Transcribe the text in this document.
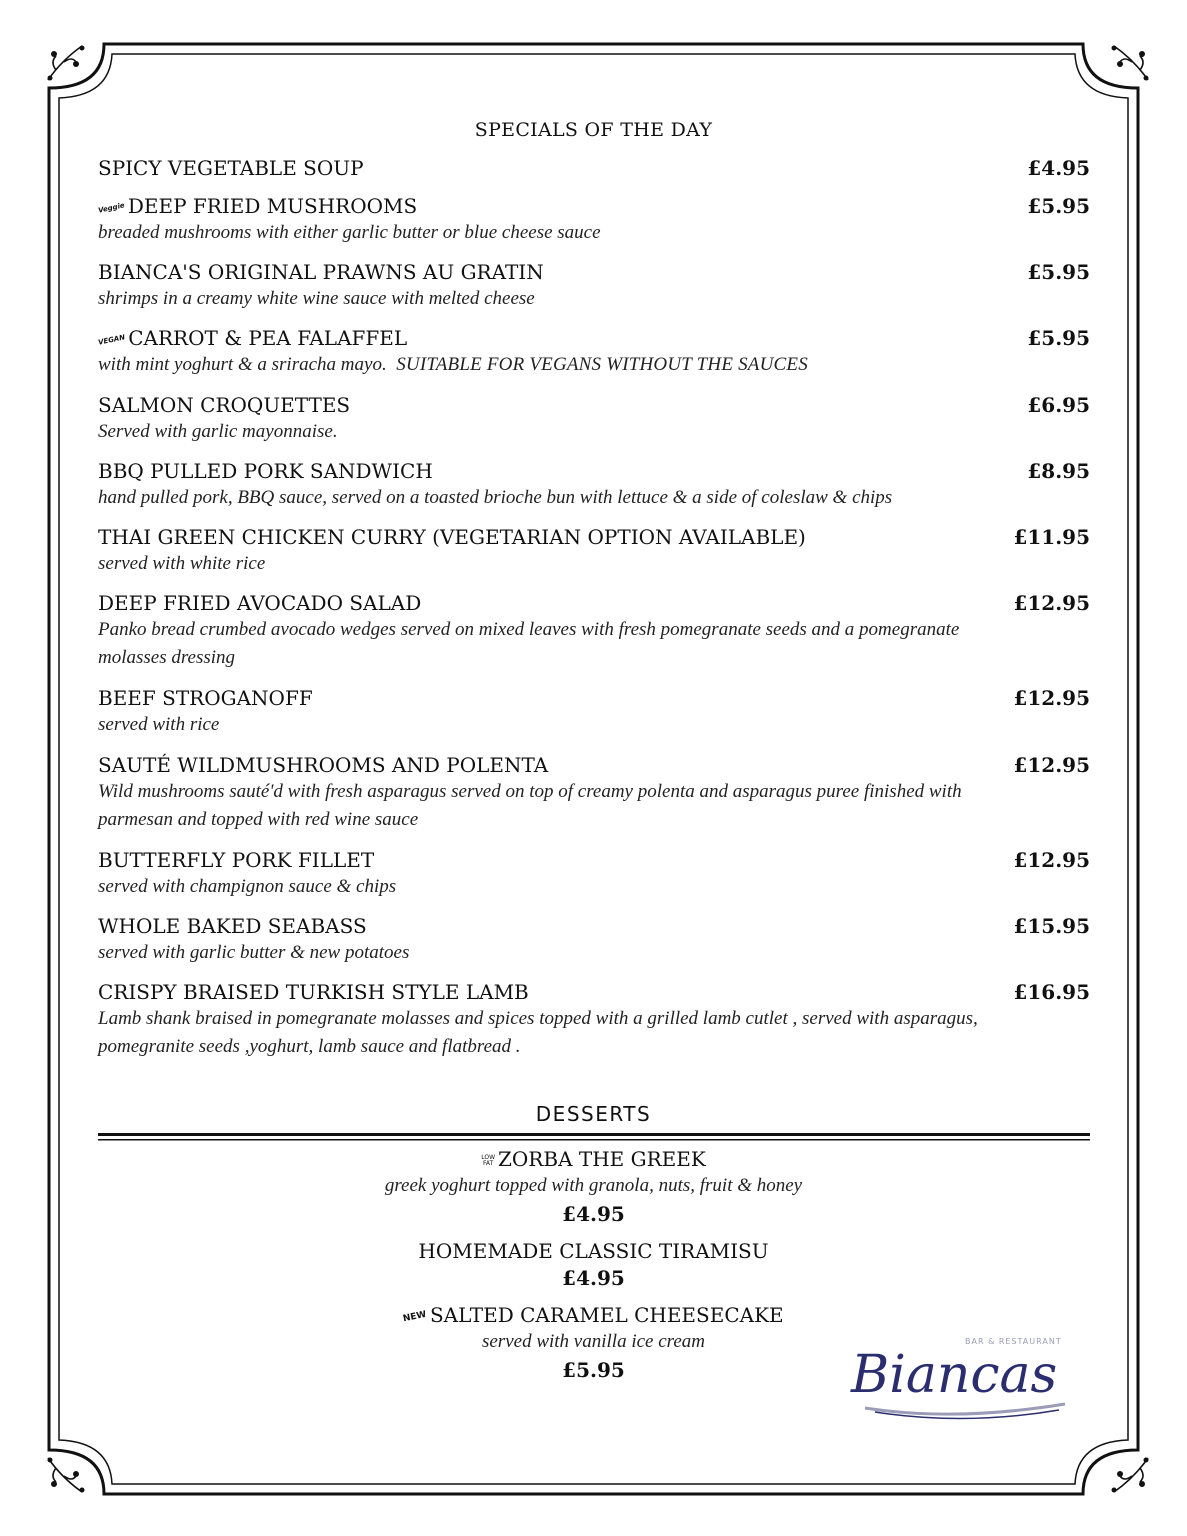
SPECIALS OF THE DAY
SPICY VEGETABLE SOUP	£4.95
Veggie DEEP FRIED MUSHROOMS	£5.95
breaded mushrooms with either garlic butter or blue cheese sauce
BIANCA'S ORIGINAL PRAWNS AU GRATIN	£5.95
shrimps in a creamy white wine sauce with melted cheese
VEGAN CARROT & PEA FALAFFEL	£5.95
with mint yoghurt & a sriracha mayo. SUITABLE FOR VEGANS WITHOUT THE SAUCES
SALMON CROQUETTES	£6.95
Served with garlic mayonnaise.
BBQ PULLED PORK SANDWICH	£8.95
hand pulled pork, BBQ sauce, served on a toasted brioche bun with lettuce & a side of coleslaw & chips
THAI GREEN CHICKEN CURRY (VEGETARIAN OPTION AVAILABLE)	£11.95
served with white rice
DEEP FRIED AVOCADO SALAD	£12.95
Panko bread crumbed avocado wedges served on mixed leaves with fresh pomegranate seeds and a pomegranate molasses dressing
BEEF STROGANOFF	£12.95
served with rice
SAUTÉ WILDMUSHROOMS AND POLENTA	£12.95
Wild mushrooms sauté'd with fresh asparagus served on top of creamy polenta and asparagus puree finished with parmesan and topped with red wine sauce
BUTTERFLY PORK FILLET	£12.95
served with champignon sauce & chips
WHOLE BAKED SEABASS	£15.95
served with garlic butter & new potatoes
CRISPY BRAISED TURKISH STYLE LAMB	£16.95
Lamb shank braised in pomegranate molasses and spices topped with a grilled lamb cutlet , served with asparagus, pomegranite seeds ,yoghurt, lamb sauce and flatbread .
DESSERTS
LOW
FAT ZORBA THE GREEK
greek yoghurt topped with granola, nuts, fruit & honey
£4.95
HOMEMADE CLASSIC TIRAMISU
£4.95
NEW SALTED CARAMEL CHEESECAKE
served with vanilla ice cream
£5.95	Biancas
BAR & RESTAURANT
